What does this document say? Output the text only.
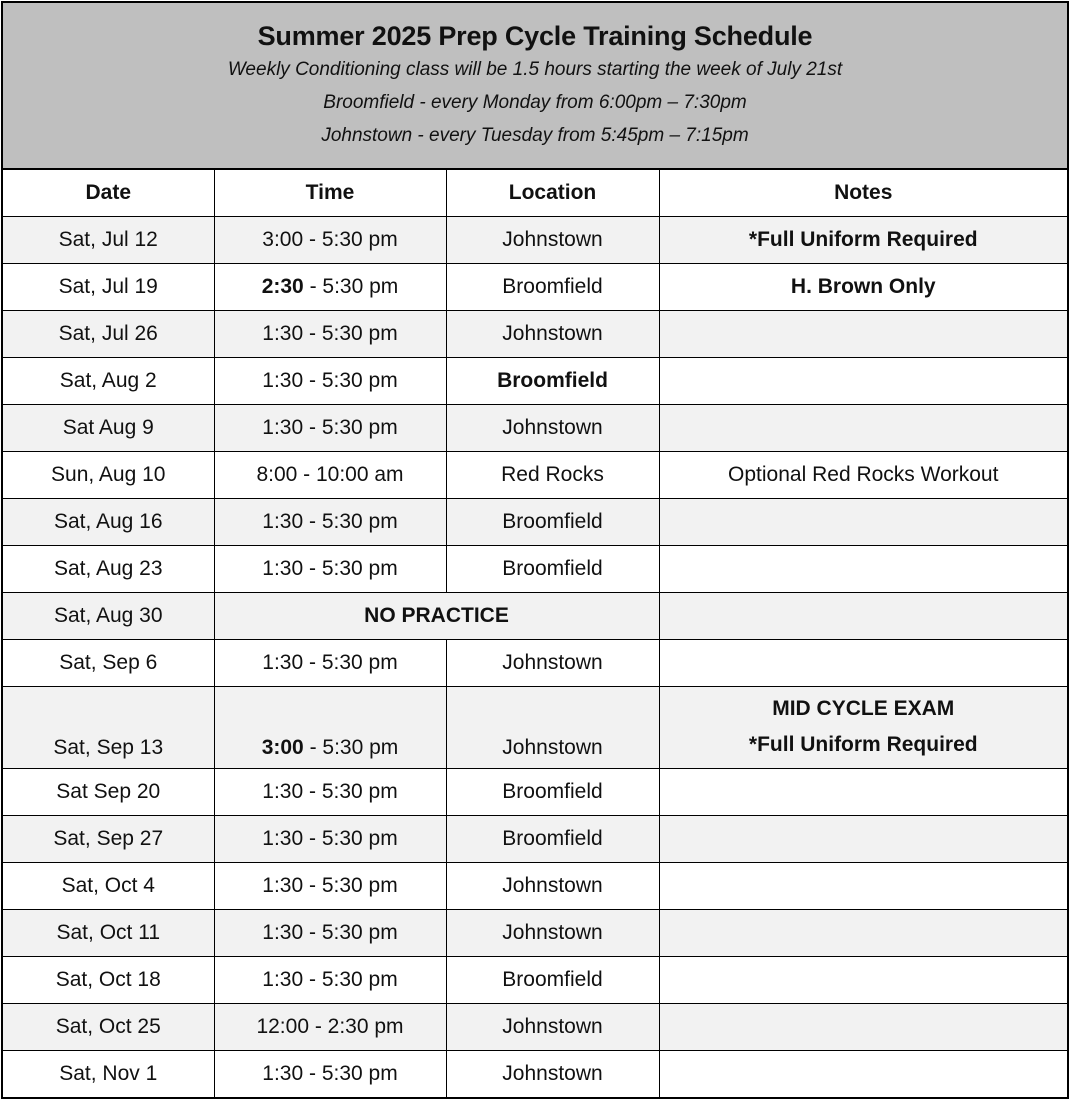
Summer 2025 Prep Cycle Training Schedule
Weekly Conditioning class will be 1.5 hours starting the week of July 21st
Broomfield - every Monday from 6:00pm – 7:30pm
Johnstown - every Tuesday from 5:45pm – 7:15pm
Date	Time	Location	Notes
Sat, Jul 12	3:00 - 5:30 pm	Johnstown	*Full Uniform Required
Sat, Jul 19	2:30 - 5:30 pm	Broomfield	H. Brown Only
Sat, Jul 26	1:30 - 5:30 pm	Johnstown	
Sat, Aug 2	1:30 - 5:30 pm	Broomfield	
Sat Aug 9	1:30 - 5:30 pm	Johnstown	
Sun, Aug 10	8:00 - 10:00 am	Red Rocks	Optional Red Rocks Workout
Sat, Aug 16	1:30 - 5:30 pm	Broomfield	
Sat, Aug 23	1:30 - 5:30 pm	Broomfield	
Sat, Aug 30	NO PRACTICE		
Sat, Sep 6	1:30 - 5:30 pm	Johnstown	
Sat, Sep 13	3:00 - 5:30 pm	Johnstown	MID CYCLE EXAM
*Full Uniform Required

Sat Sep 20	1:30 - 5:30 pm	Broomfield	
Sat, Sep 27	1:30 - 5:30 pm	Broomfield	
Sat, Oct 4	1:30 - 5:30 pm	Johnstown	
Sat, Oct 11	1:30 - 5:30 pm	Johnstown	
Sat, Oct 18	1:30 - 5:30 pm	Broomfield	
Sat, Oct 25	12:00 - 2:30 pm	Johnstown	
Sat, Nov 1	1:30 - 5:30 pm	Johnstown	
